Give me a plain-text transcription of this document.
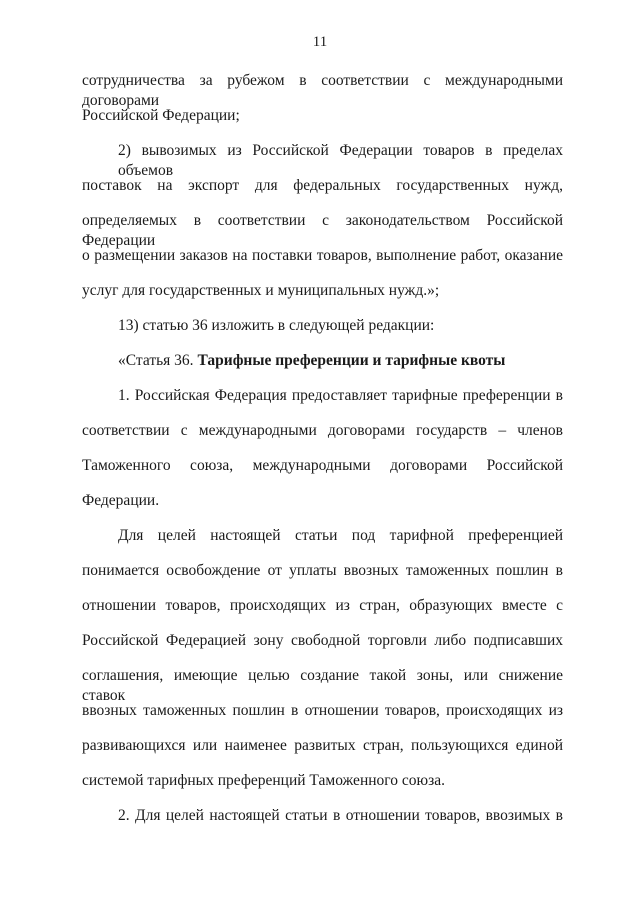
11
сотрудничества за рубежом в соответствии с международными договорами
Российской Федерации;
2) вывозимых из Российской Федерации товаров в пределах объемов
поставок на экспорт для федеральных государственных нужд,
определяемых в соответствии с законодательством Российской Федерации
о размещении заказов на поставки товаров, выполнение работ, оказание
услуг для государственных и муниципальных нужд.»;
13) статью 36 изложить в следующей редакции:
«Статья 36. Тарифные преференции и тарифные квоты
1. Российская Федерация предоставляет тарифные преференции в
соответствии с международными договорами государств – членов
Таможенного союза, международными договорами Российской
Федерации.
Для целей настоящей статьи под тарифной преференцией
понимается освобождение от уплаты ввозных таможенных пошлин в
отношении товаров, происходящих из стран, образующих вместе с
Российской Федерацией зону свободной торговли либо подписавших
соглашения, имеющие целью создание такой зоны, или снижение ставок
ввозных таможенных пошлин в отношении товаров, происходящих из
развивающихся или наименее развитых стран, пользующихся единой
системой тарифных преференций Таможенного союза.
2. Для целей настоящей статьи в отношении товаров, ввозимых в
